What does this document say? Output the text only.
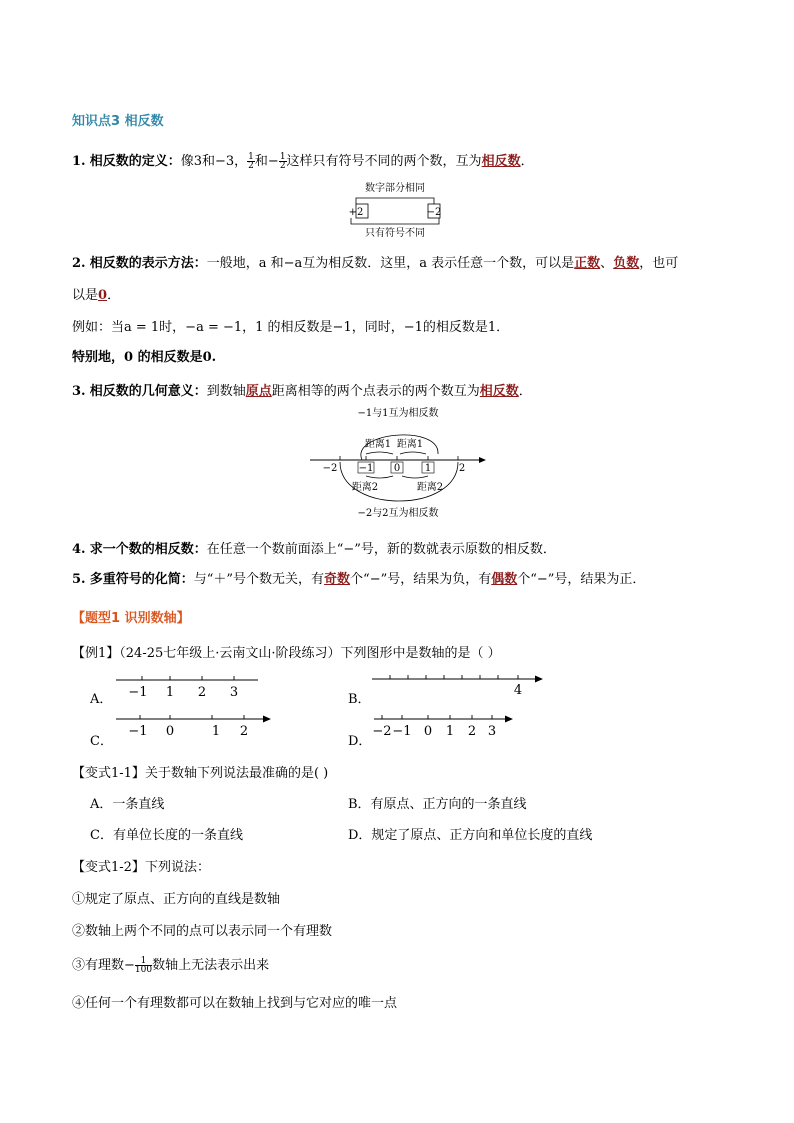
知识点3 相反数
1. 相反数的定义：像3和−3， $\frac{1}{2}$ 和− $\frac{1}{2}$ 这样只有符号不同的两个数，互为相反数．
数字部分相同
+2	−2
只有符号不同
2. 相反数的表示方法：一般地，a 和−a互为相反数．这里，a 表示任意一个数，可以是正数、负数，也可
以是0．
例如：当a = 1时，−a = −1，1 的相反数是−1，同时，−1的相反数是1．
特别地，0 的相反数是0.
3. 相反数的几何意义：到数轴原点距离相等的两个点表示的两个数互为相反数．
−1与1互为相反数
距离1 距离1
−2 −1 0 1	2
距离2	距离2
−2与2互为相反数
4. 求一个数的相反数：在任意一个数前面添上“−”号，新的数就表示原数的相反数．
5. 多重符号的化简：与“＋”号个数无关，有奇数个“−”号，结果为负，有偶数个“−”号，结果为正．
【题型1 识别数轴】
【例1】（24-25七年级上·云南文山·阶段练习）下列图形中是数轴的是（ ）
A． −1 1 2 3	B．
4
C．
−1 0	1 2
D．
−2 −1 0 1 2 3
【变式1-1】关于数轴下列说法最准确的是( )
A．一条直线	B．有原点、正方向的一条直线
C．有单位长度的一条直线	D．规定了原点、正方向和单位长度的直线
【变式1-2】下列说法：
①规定了原点、正方向的直线是数轴
②数轴上两个不同的点可以表示同一个有理数
③有理数− $\frac{1}{100}$ 数轴上无法表示出来
④任何一个有理数都可以在数轴上找到与它对应的唯一点
